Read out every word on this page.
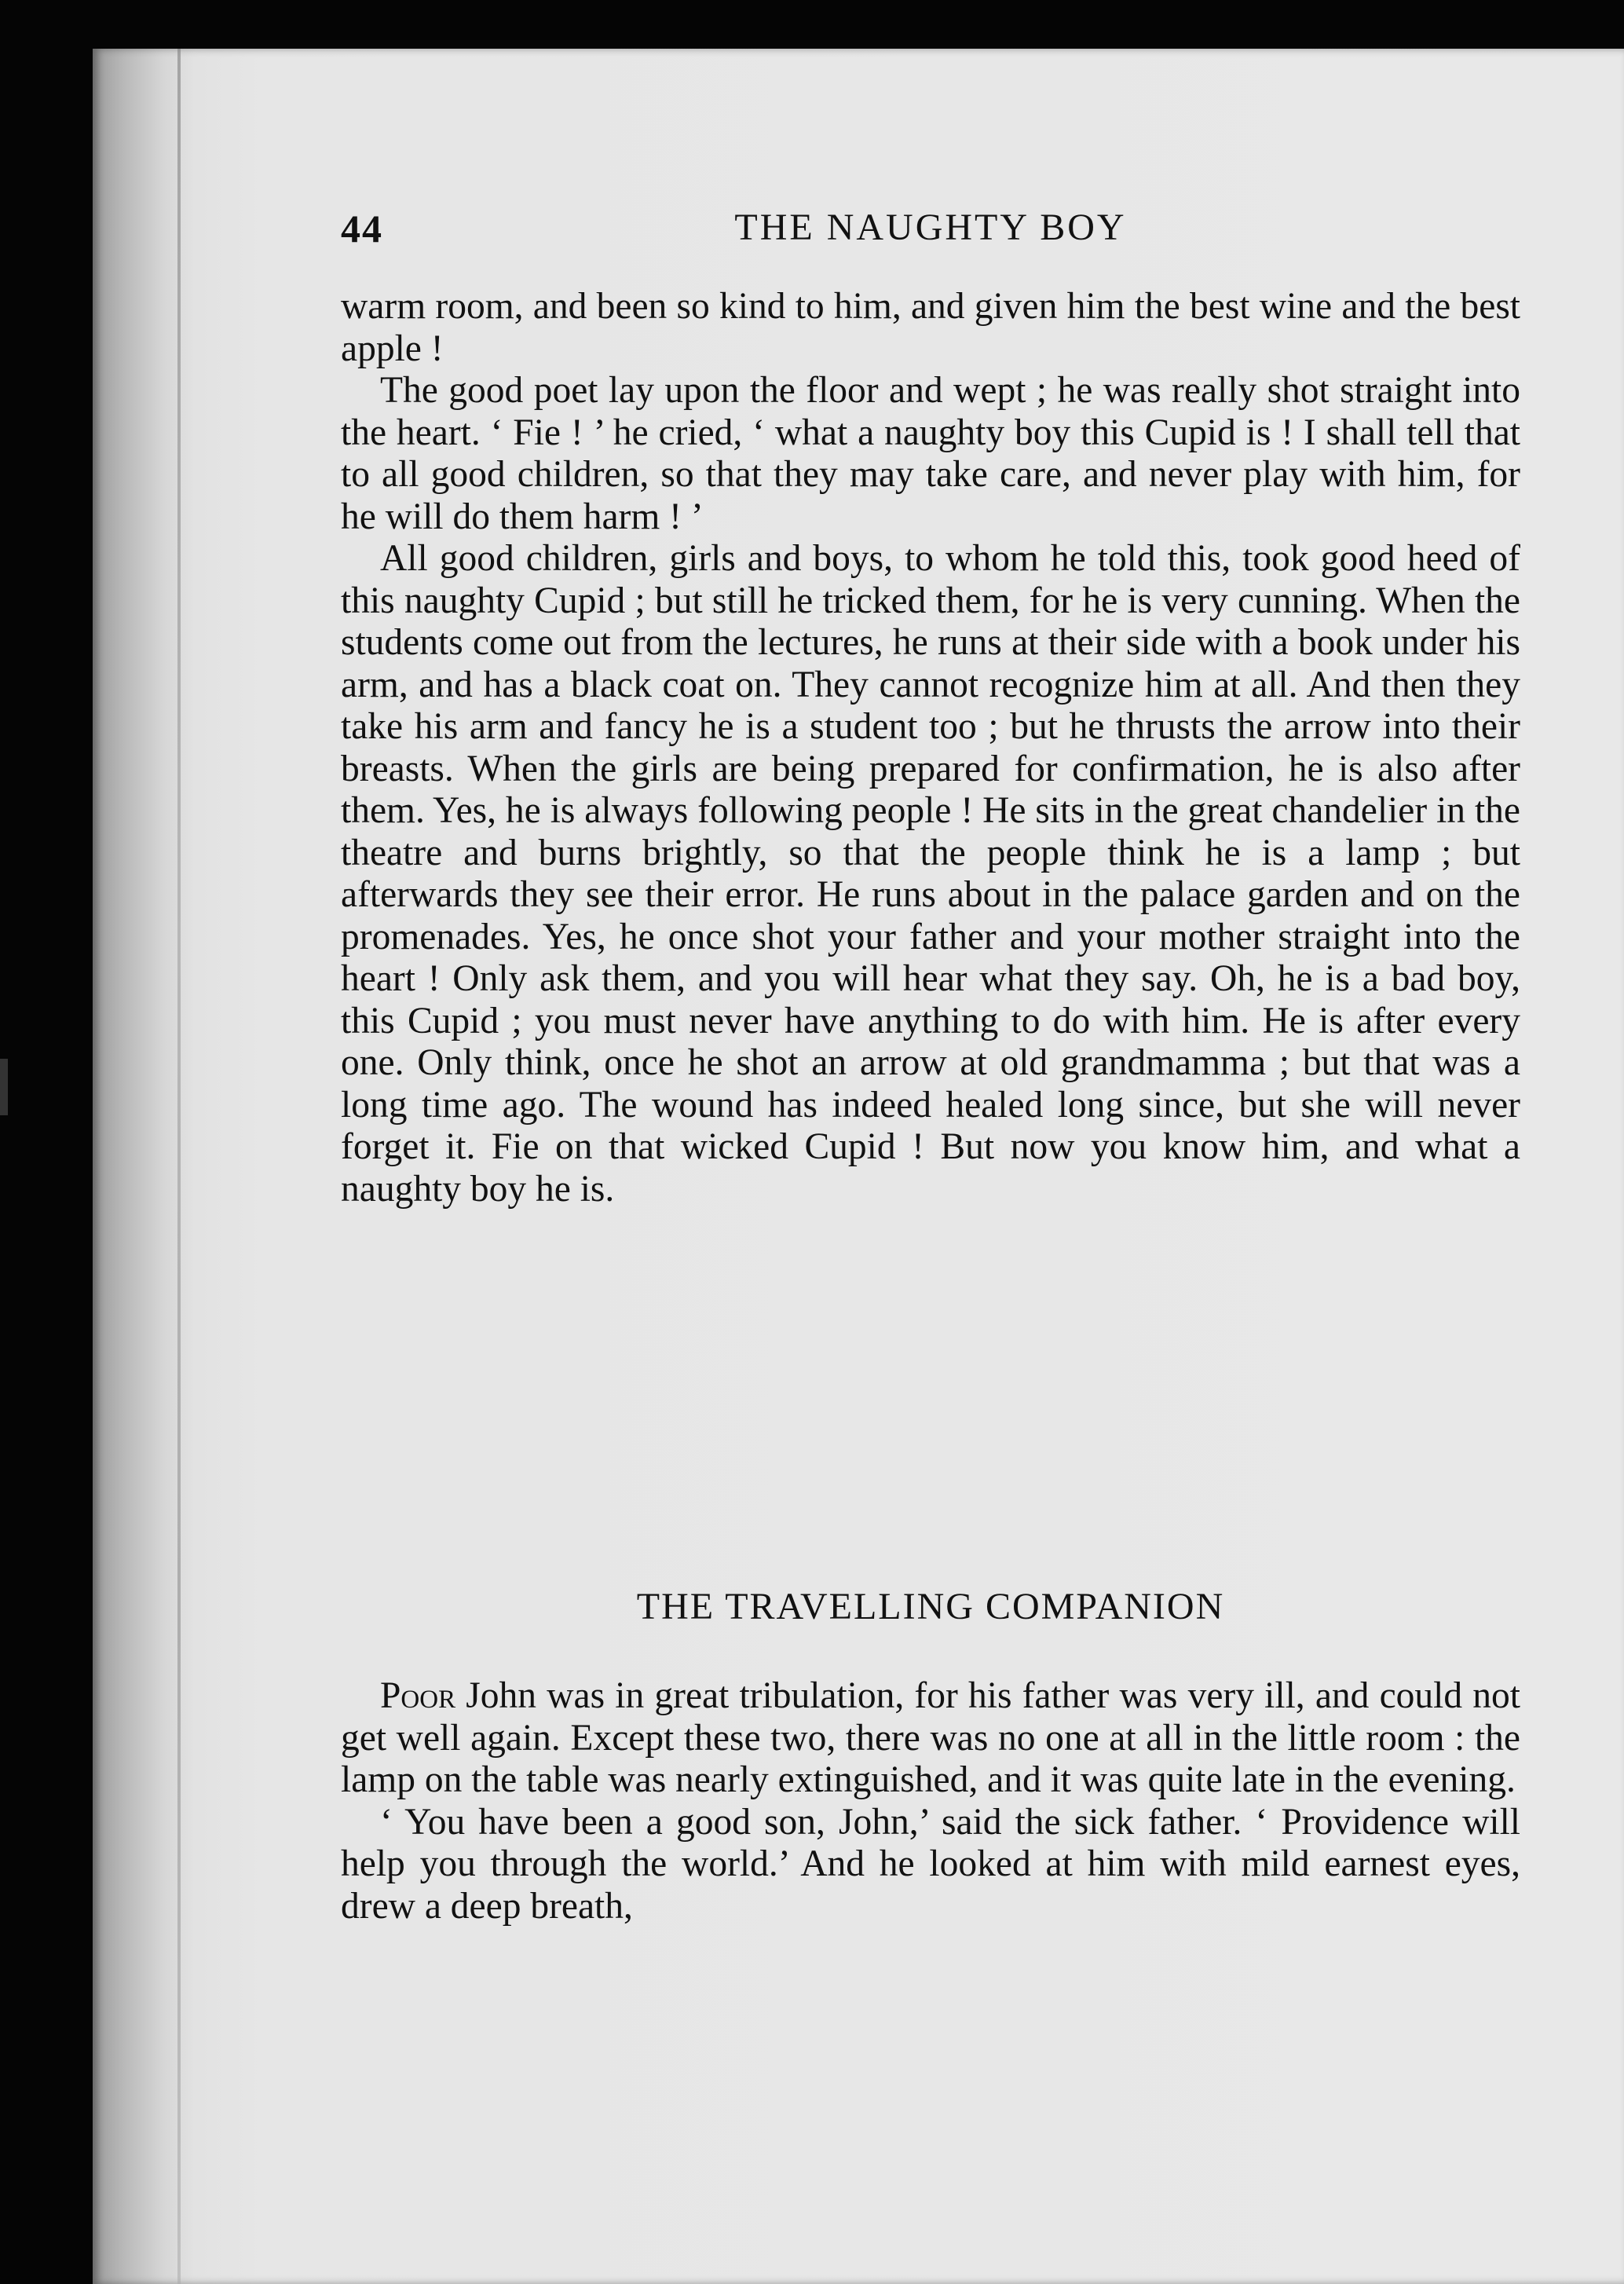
44	THE NAUGHTY BOY

warm room, and been so kind to him, and given him the best wine and the best apple !

The good poet lay upon the floor and wept ; he was really shot straight into the heart. ‘ Fie ! ’ he cried, ‘ what a naughty boy this Cupid is ! I shall tell that to all good children, so that they may take care, and never play with him, for he will do them harm ! ’

All good children, girls and boys, to whom he told this, took good heed of this naughty Cupid ; but still he tricked them, for he is very cunning. When the students come out from the lectures, he runs at their side with a book under his arm, and has a black coat on. They cannot recognize him at all. And then they take his arm and fancy he is a student too ; but he thrusts the arrow into their breasts. When the girls are being prepared for confirmation, he is also after them. Yes, he is always following people ! He sits in the great chandelier in the theatre and burns brightly, so that the people think he is a lamp ; but afterwards they see their error. He runs about in the palace garden and on the promenades. Yes, he once shot your father and your mother straight into the heart ! Only ask them, and you will hear what they say. Oh, he is a bad boy, this Cupid ; you must never have anything to do with him. He is after every one. Only think, once he shot an arrow at old grandmamma ; but that was a long time ago. The wound has indeed healed long since, but she will never forget it. Fie on that wicked Cupid ! But now you know him, and what a naughty boy he is.

THE TRAVELLING COMPANION

Poor John was in great tribulation, for his father was very ill, and could not get well again. Except these two, there was no one at all in the little room : the lamp on the table was nearly extinguished, and it was quite late in the evening.

‘ You have been a good son, John,’ said the sick father. ‘ Providence will help you through the world.’ And he looked at him with mild earnest eyes, drew a deep breath,
